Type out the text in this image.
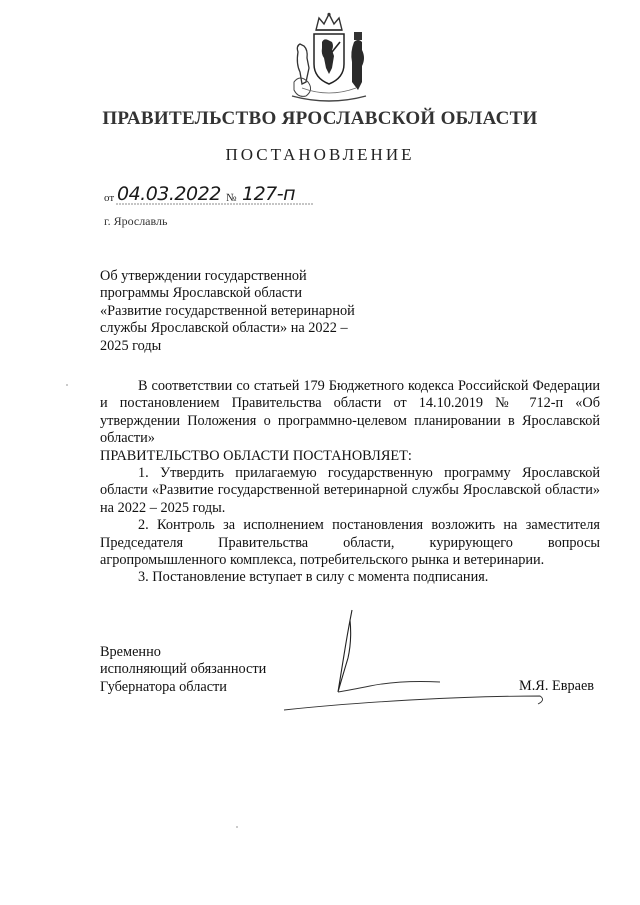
ПРАВИТЕЛЬСТВО ЯРОСЛАВСКОЙ ОБЛАСТИ
ПОСТАНОВЛЕНИЕ
от 04.03.2022 № 127-п
г. Ярославль
Об утверждении государственной программы Ярославской области «Развитие государственной ветеринарной службы Ярославской области» на 2022 – 2025 годы

В соответствии со статьей 179 Бюджетного кодекса Российской Федерации и постановлением Правительства области от 14.10.2019 № 712-п «Об утверждении Положения о программно-целевом планировании в Ярославской области»

ПРАВИТЕЛЬСТВО ОБЛАСТИ ПОСТАНОВЛЯЕТ:

1. Утвердить прилагаемую государственную программу Ярославской области «Развитие государственной ветеринарной службы Ярославской области» на 2022 – 2025 годы.

2. Контроль за исполнением постановления возложить на заместителя Председателя Правительства области, курирующего вопросы агропромышленного комплекса, потребительского рынка и ветеринарии.

3. Постановление вступает в силу с момента подписания.

Временно
исполняющий обязанности
Губернатора области	М.Я. Евраев
